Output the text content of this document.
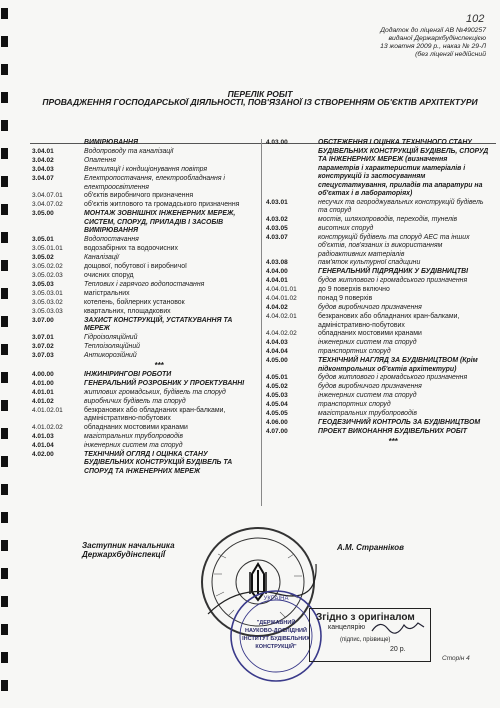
102
Додаток до ліцензії АВ №490257
виданої Держархбудінспекцією
13 жовтня 2009 р., наказ № 29-Л
(без ліцензії недійсний
ПЕРЕЛІК РОБІТ
ПРОВАДЖЕННЯ ГОСПОДАРСЬКОЇ ДІЯЛЬНОСТІ, ПОВ'ЯЗАНОЇ ІЗ СТВОРЕННЯМ ОБ'ЄКТІВ АРХІТЕКТУРИ
ВИМІРЮВАННЯ
3.04.01	Водопроводу та каналізації
3.04.02	Опалення
3.04.03	Вентиляції і кондиціонування повітря
3.04.07	Електропостачання, електрообладнання і електроосвітлення
3.04.07.01	об'єктів виробничого призначення
3.04.07.02	об'єктів житлового та громадського призначення
3.05.00	МОНТАЖ ЗОВНІШНІХ ІНЖЕНЕРНИХ МЕРЕЖ, СИСТЕМ, СПОРУД, ПРИЛАДІВ І ЗАСОБІВ ВИМІРЮВАННЯ
3.05.01	Водопостачання
3.05.01.01	водозабірних та водоочисних
3.05.02	Каналізації
3.05.02.02	дощової, побутової і виробничої
3.05.02.03	очисних споруд
3.05.03	Теплових і гарячого водопостачання
3.05.03.01	магістральних
3.05.03.02	котелень, бойлерних установок
3.05.03.03	квартальних, площадкових
3.07.00	ЗАХИСТ КОНСТРУКЦІЙ, УСТАТКУВАННЯ ТА МЕРЕЖ
3.07.01	Гідроізоляційний
3.07.02	Теплоізоляційний
3.07.03	Антикорозійний
***
4.00.00	ІНЖИНІРИНГОВІ РОБОТИ
4.01.00	ГЕНЕРАЛЬНИЙ РОЗРОБНИК У ПРОЕКТУВАННІ
4.01.01	житлових громадських, будівель та споруд
4.01.02	виробничих будівель та споруд
4.01.02.01	безкранових або обладнаних кран-балками, адміністративно-побутових
4.01.02.02	обладнаних мостовими кранами
4.01.03	магістральних трубопроводів
4.01.04	інженерних систем та споруд
4.02.00	ТЕХНІЧНИЙ ОГЛЯД І ОЦІНКА СТАНУ БУДІВЕЛЬНИХ КОНСТРУКЦІЙ БУДІВЕЛЬ ТА СПОРУД ТА ІНЖЕНЕРНИХ МЕРЕЖ
4.03.00	ОБСТЕЖЕННЯ І ОЦІНКА ТЕХНІЧНОГО СТАНУ БУДІВЕЛЬНИХ КОНСТРУКЦІЙ БУДІВЕЛЬ, СПОРУД ТА ІНЖЕНЕРНИХ МЕРЕЖ (визначення параметрів і характеристик матеріалів і конструкцій із застосуванням спецустаткування, приладів та апаратури на об'єктах і в лабораторіях)
4.03.01	несучих та огороджувальних конструкцій будівель та споруд
4.03.02	мостів, шляхопроводів, переходів, тунелів
4.03.05	висотних споруд
4.03.07	конструкцій будівель та споруд АЕС та інших об'єктів, пов'язаних із використанням радіоактивних матеріалів
4.03.08	пам'яток культурної спадщини
4.04.00	ГЕНЕРАЛЬНИЙ ПІДРЯДНИК У БУДІВНИЦТВІ
4.04.01	будов житлового і громадського призначення
4.04.01.01	до 9 поверхів включно
4.04.01.02	понад 9 поверхів
4.04.02	будов виробничого призначення
4.04.02.01	безкранових або обладнаних кран-балками, адміністративно-побутових
4.04.02.02	обладнаних мостовими кранами
4.04.03	інженерних систем та споруд
4.04.04	транспортних споруд
4.05.00	ТЕХНІЧНИЙ НАГЛЯД ЗА БУДІВНИЦТВОМ (Крім підконтрольних об'єктів архітектури)
4.05.01	будов житлового і громадського призначення
4.05.02	будов виробничого призначення
4.05.03	інженерних систем та споруд
4.05.04	транспортних споруд
4.05.05	магістральних трубопроводів
4.06.00	ГЕОДЕЗИЧНИЙ КОНТРОЛЬ ЗА БУДІВНИЦТВОМ
4.07.00	ПРОЕКТ ВИКОНАННЯ БУДІВЕЛЬНИХ РОБІТ
***
Заступник начальника
ДержархбудінспекціЇ
А.М. Странніков
УКРАЇНА
"ДЕРЖАВНИЙ
НАУКОВО-ДОСЛІДНИЙ
ІНСТИТУТ БУДІВЕЛЬНИХ
КОНСТРУКЦІЙ"
Згідно з оригіналом
канцелярію
(підпис, прізвище)
20 р.
Сторін 4
